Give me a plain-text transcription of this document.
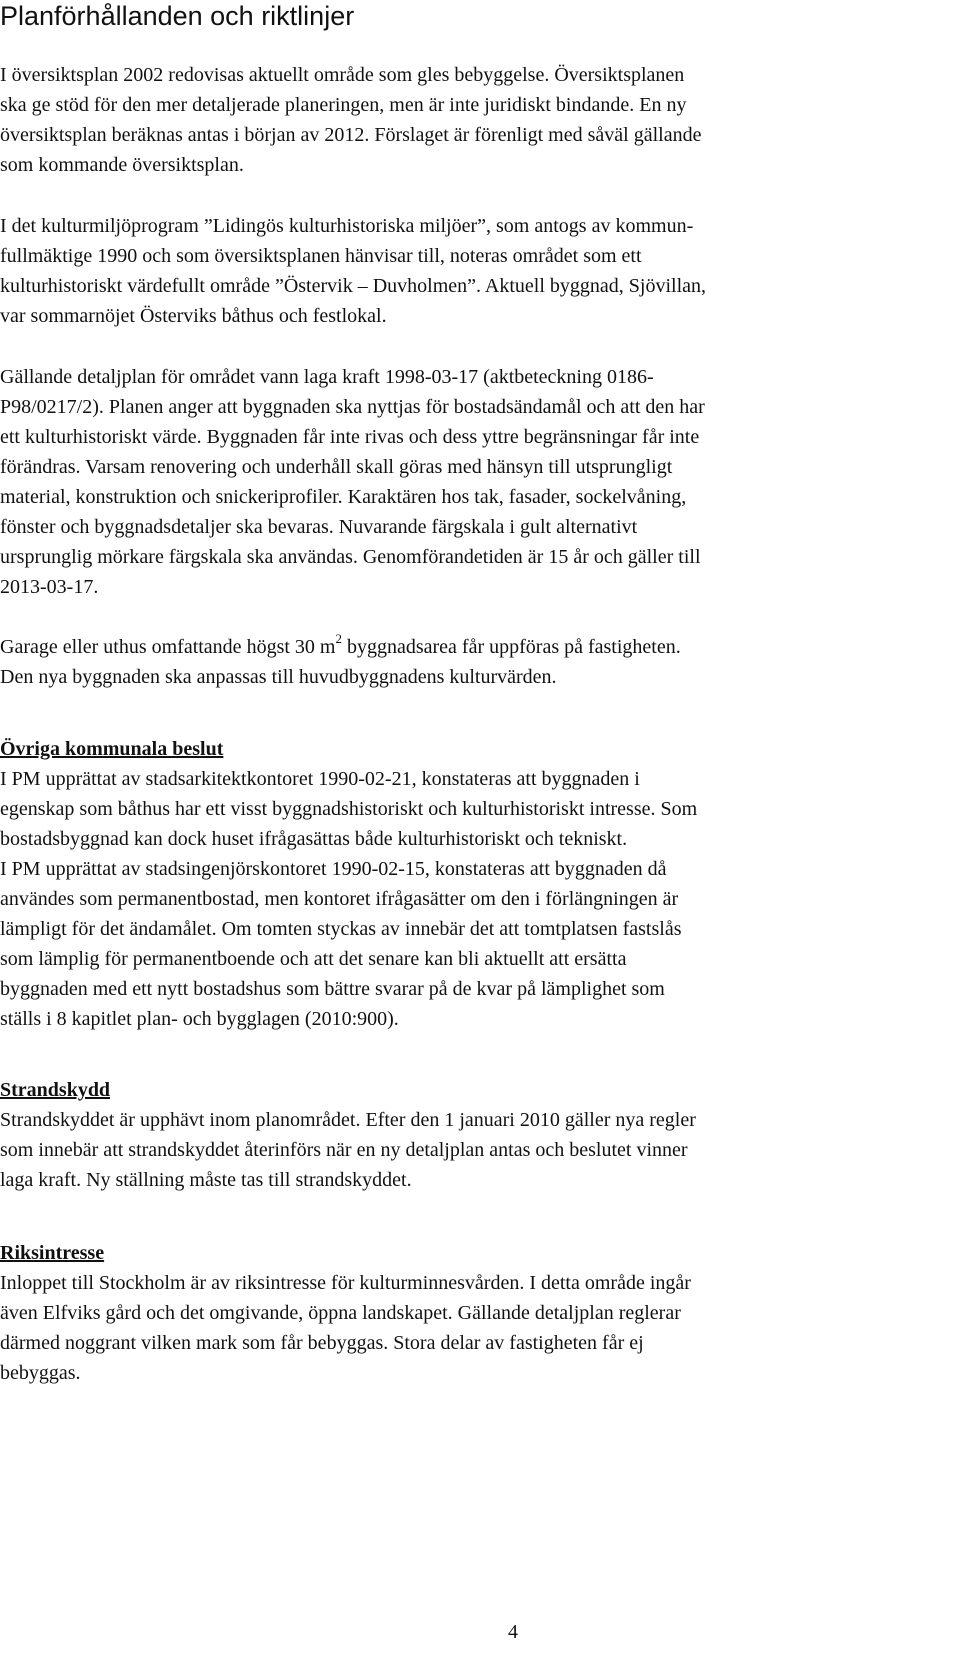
Planförhållanden och riktlinjer

I översiktsplan 2002 redovisas aktuellt område som gles bebyggelse. Översiktsplanen
ska ge stöd för den mer detaljerade planeringen, men är inte juridiskt bindande. En ny
översiktsplan beräknas antas i början av 2012. Förslaget är förenligt med såväl gällande
som kommande översiktsplan.

I det kulturmiljöprogram ”Lidingös kulturhistoriska miljöer”, som antogs av kommun-
fullmäktige 1990 och som översiktsplanen hänvisar till, noteras området som ett
kulturhistoriskt värdefullt område ”Östervik – Duvholmen”. Aktuell byggnad, Sjövillan,
var sommarnöjet Österviks båthus och festlokal.

Gällande detaljplan för området vann laga kraft 1998-03-17 (aktbeteckning 0186-
P98/0217/2). Planen anger att byggnaden ska nyttjas för bostadsändamål och att den har
ett kulturhistoriskt värde. Byggnaden får inte rivas och dess yttre begränsningar får inte
förändras. Varsam renovering och underhåll skall göras med hänsyn till utsprungligt
material, konstruktion och snickeriprofiler. Karaktären hos tak, fasader, sockelvåning,
fönster och byggnadsdetaljer ska bevaras. Nuvarande färgskala i gult alternativt
ursprunglig mörkare färgskala ska användas. Genomförandetiden är 15 år och gäller till
2013-03-17.

Garage eller uthus omfattande högst 30 $m^2$ byggnadsarea får uppföras på fastigheten.
Den nya byggnaden ska anpassas till huvudbyggnadens kulturvärden.

Övriga kommunala beslut

I PM upprättat av stadsarkitektkontoret 1990-02-21, konstateras att byggnaden i
egenskap som båthus har ett visst byggnadshistoriskt och kulturhistoriskt intresse. Som
bostadsbyggnad kan dock huset ifrågasättas både kulturhistoriskt och tekniskt.
I PM upprättat av stadsingenjörskontoret 1990-02-15, konstateras att byggnaden då
användes som permanentbostad, men kontoret ifrågasätter om den i förlängningen är
lämpligt för det ändamålet. Om tomten styckas av innebär det att tomtplatsen fastslås
som lämplig för permanentboende och att det senare kan bli aktuellt att ersätta
byggnaden med ett nytt bostadshus som bättre svarar på de kvar på lämplighet som
ställs i 8 kapitlet plan- och bygglagen (2010:900).

Strandskydd

Strandskyddet är upphävt inom planområdet. Efter den 1 januari 2010 gäller nya regler
som innebär att strandskyddet återinförs när en ny detaljplan antas och beslutet vinner
laga kraft. Ny ställning måste tas till strandskyddet.

Riksintresse

Inloppet till Stockholm är av riksintresse för kulturminnesvården. I detta område ingår
även Elfviks gård och det omgivande, öppna landskapet. Gällande detaljplan reglerar
därmed noggrant vilken mark som får bebyggas. Stora delar av fastigheten får ej
bebyggas.

4
